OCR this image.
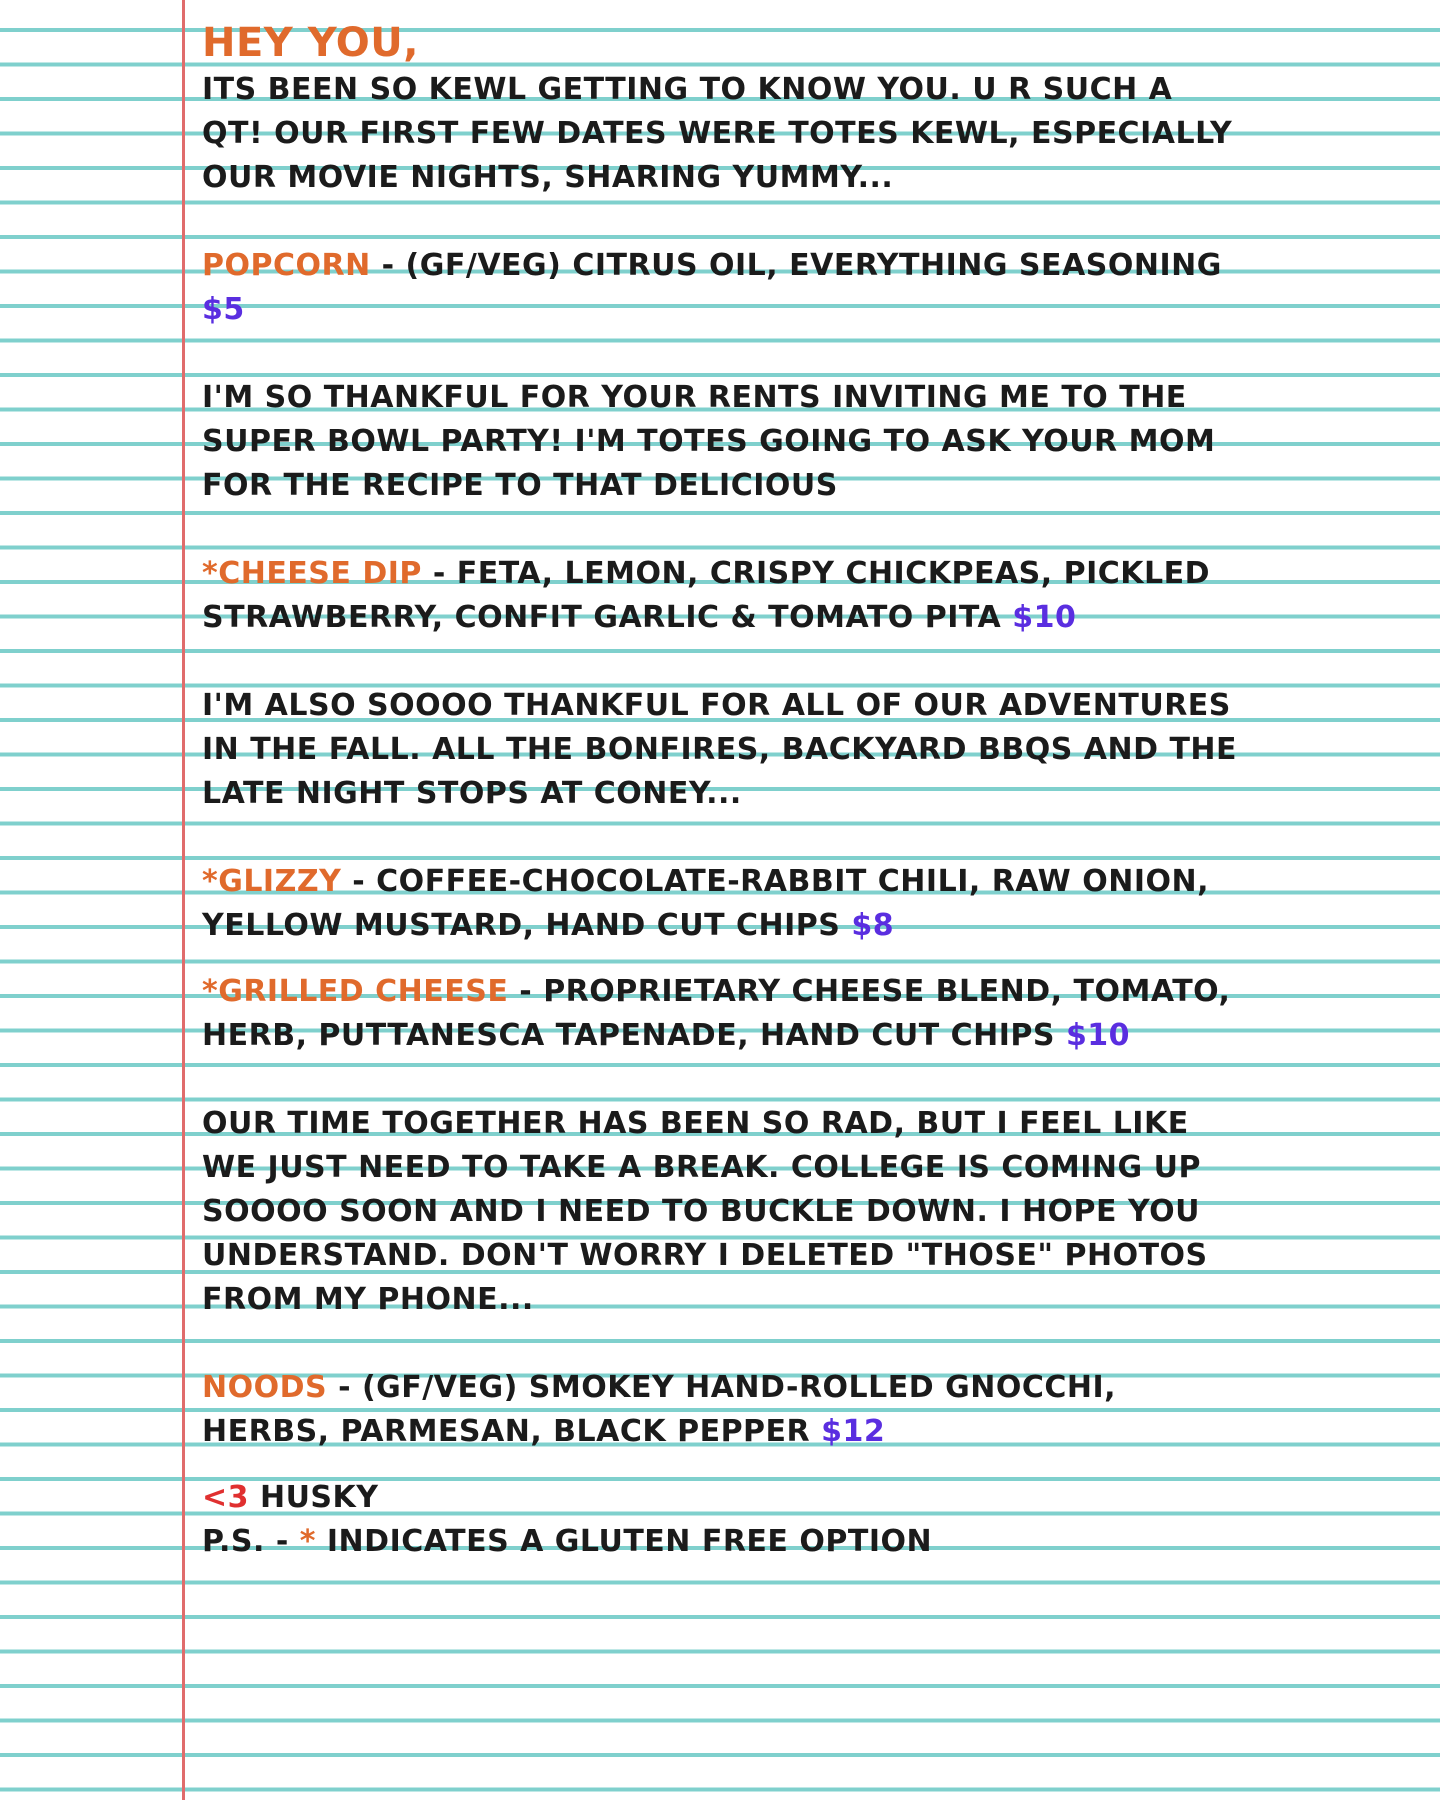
HEY YOU,
ITS BEEN SO KEWL GETTING TO KNOW YOU. U R SUCH A QT! OUR FIRST FEW DATES WERE TOTES KEWL, ESPECIALLY OUR MOVIE NIGHTS, SHARING YUMMY...
POPCORN - (GF/VEG) CITRUS OIL, EVERYTHING SEASONING $5
I'M SO THANKFUL FOR YOUR RENTS INVITING ME TO THE SUPER BOWL PARTY! I'M TOTES GOING TO ASK YOUR MOM FOR THE RECIPE TO THAT DELICIOUS
*CHEESE DIP - FETA, LEMON, CRISPY CHICKPEAS, PICKLED STRAWBERRY, CONFIT GARLIC & TOMATO PITA $10
I'M ALSO SOOOO THANKFUL FOR ALL OF OUR ADVENTURES IN THE FALL. ALL THE BONFIRES, BACKYARD BBQS AND THE LATE NIGHT STOPS AT CONEY...
*GLIZZY - COFFEE-CHOCOLATE-RABBIT CHILI, RAW ONION, YELLOW MUSTARD, HAND CUT CHIPS $8
*GRILLED CHEESE - PROPRIETARY CHEESE BLEND, TOMATO, HERB, PUTTANESCA TAPENADE, HAND CUT CHIPS $10
OUR TIME TOGETHER HAS BEEN SO RAD, BUT I FEEL LIKE WE JUST NEED TO TAKE A BREAK. COLLEGE IS COMING UP SOOOO SOON AND I NEED TO BUCKLE DOWN. I HOPE YOU UNDERSTAND. DON'T WORRY I DELETED "THOSE" PHOTOS FROM MY PHONE...
NOODS - (GF/VEG) SMOKEY HAND-ROLLED GNOCCHI, HERBS, PARMESAN, BLACK PEPPER $12
<3 HUSKY
P.S. - * INDICATES A GLUTEN FREE OPTION
